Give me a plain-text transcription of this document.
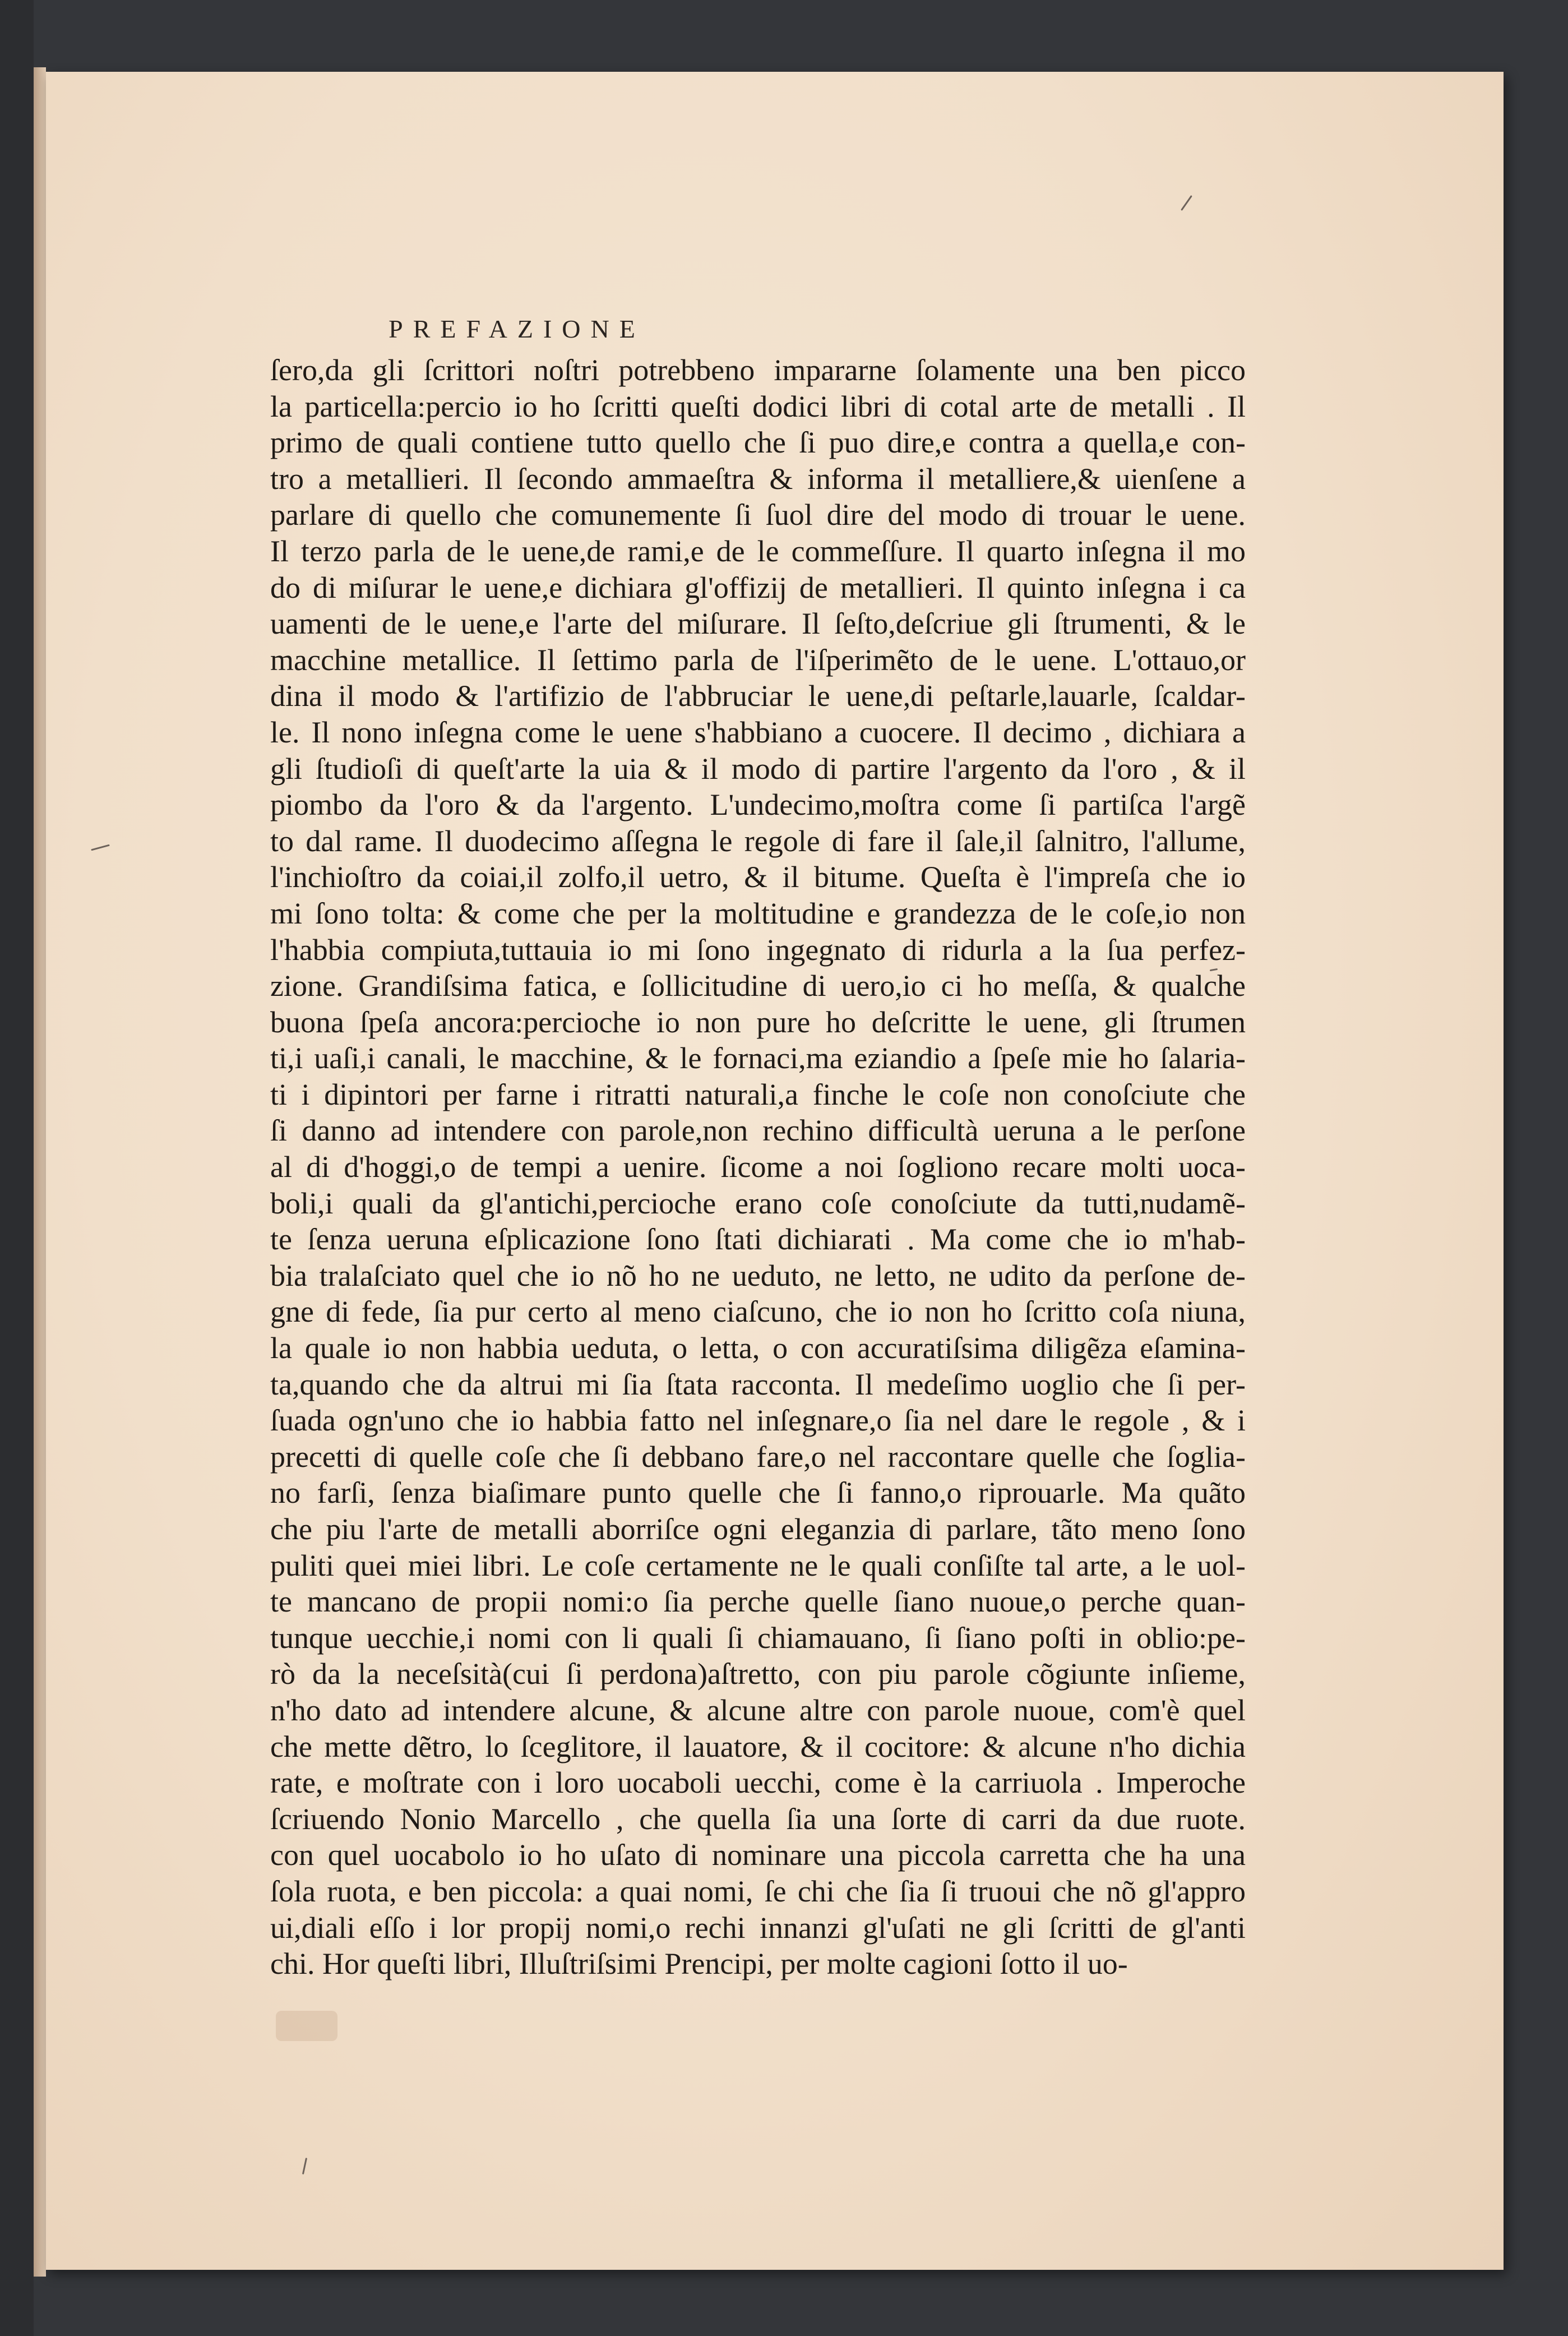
PREFAZIONE
ſero,da gli ſcrittori noſtri potrebbeno impararne ſolamente una ben picco
la particella:percio io ho ſcritti queſti dodici libri di cotal arte de metalli . Il
primo de quali contiene tutto quello che ſi puo dire,e contra a quella,e con-
tro a metallieri. Il ſecondo ammaeſtra & informa il metalliere,& uienſene a
parlare di quello che comunemente ſi ſuol dire del modo di trouar le uene.
Il terzo parla de le uene,de rami,e de le commeſſure. Il quarto inſegna il mo
do di miſurar le uene,e dichiara gl'offizij de metallieri. Il quinto inſegna i ca
uamenti de le uene,e l'arte del miſurare. Il ſeſto,deſcriue gli ſtrumenti, & le
macchine metallice. Il ſettimo parla de l'iſperimẽto de le uene. L'ottauo,or
dina il modo & l'artifizio de l'abbruciar le uene,di peſtarle,lauarle, ſcaldar-
le. Il nono inſegna come le uene s'habbiano a cuocere. Il decimo , dichiara a
gli ſtudioſi di queſt'arte la uia & il modo di partire l'argento da l'oro , & il
piombo da l'oro & da l'argento. L'undecimo,moſtra come ſi partiſca l'argẽ
to dal rame. Il duodecimo aſſegna le regole di fare il ſale,il ſalnitro, l'allume,
l'inchioſtro da coiai,il zolfo,il uetro, & il bitume. Queſta è l'impreſa che io
mi ſono tolta: & come che per la moltitudine e grandezza de le coſe,io non
l'habbia compiuta,tuttauia io mi ſono ingegnato di ridurla a la ſua perfez-
zione. Grandiſsima fatica, e ſollicitudine di uero,io ci ho meſſa, & qualche
buona ſpeſa ancora:percioche io non pure ho deſcritte le uene, gli ſtrumen
ti,i uaſi,i canali, le macchine, & le fornaci,ma eziandio a ſpeſe mie ho ſalaria-
ti i dipintori per farne i ritratti naturali,a finche le coſe non conoſciute che
ſi danno ad intendere con parole,non rechino difficultà ueruna a le perſone
al di d'hoggi,o de tempi a uenire. ſicome a noi ſogliono recare molti uoca-
boli,i quali da gl'antichi,percioche erano coſe conoſciute da tutti,nudamẽ-
te ſenza ueruna eſplicazione ſono ſtati dichiarati . Ma come che io m'hab-
bia tralaſciato quel che io nõ ho ne ueduto, ne letto, ne udito da perſone de-
gne di fede, ſia pur certo al meno ciaſcuno, che io non ho ſcritto coſa niuna,
la quale io non habbia ueduta, o letta, o con accuratiſsima diligẽza eſamina-
ta,quando che da altrui mi ſia ſtata racconta. Il medeſimo uoglio che ſi per-
ſuada ogn'uno che io habbia fatto nel inſegnare,o ſia nel dare le regole , & i
precetti di quelle coſe che ſi debbano fare,o nel raccontare quelle che ſoglia-
no farſi, ſenza biaſimare punto quelle che ſi fanno,o riprouarle. Ma quãto
che piu l'arte de metalli aborriſce ogni eleganzia di parlare, tãto meno ſono
puliti quei miei libri. Le coſe certamente ne le quali conſiſte tal arte, a le uol-
te mancano de propii nomi:o ſia perche quelle ſiano nuoue,o perche quan-
tunque uecchie,i nomi con li quali ſi chiamauano, ſi ſiano poſti in oblio:pe-
rò da la neceſsità(cui ſi perdona)aſtretto, con piu parole cõgiunte inſieme,
n'ho dato ad intendere alcune, & alcune altre con parole nuoue, com'è quel
che mette dẽtro, lo ſceglitore, il lauatore, & il cocitore: & alcune n'ho dichia
rate, e moſtrate con i loro uocaboli uecchi, come è la carriuola . Imperoche
ſcriuendo Nonio Marcello , che quella ſia una ſorte di carri da due ruote.
con quel uocabolo io ho uſato di nominare una piccola carretta che ha una
ſola ruota, e ben piccola: a quai nomi, ſe chi che ſia ſi truoui che nõ gl'appro
ui,diali eſſo i lor propij nomi,o rechi innanzi gl'uſati ne gli ſcritti de gl'anti
chi. Hor queſti libri, Illuſtriſsimi Prencipi, per molte cagioni ſotto il uo-
